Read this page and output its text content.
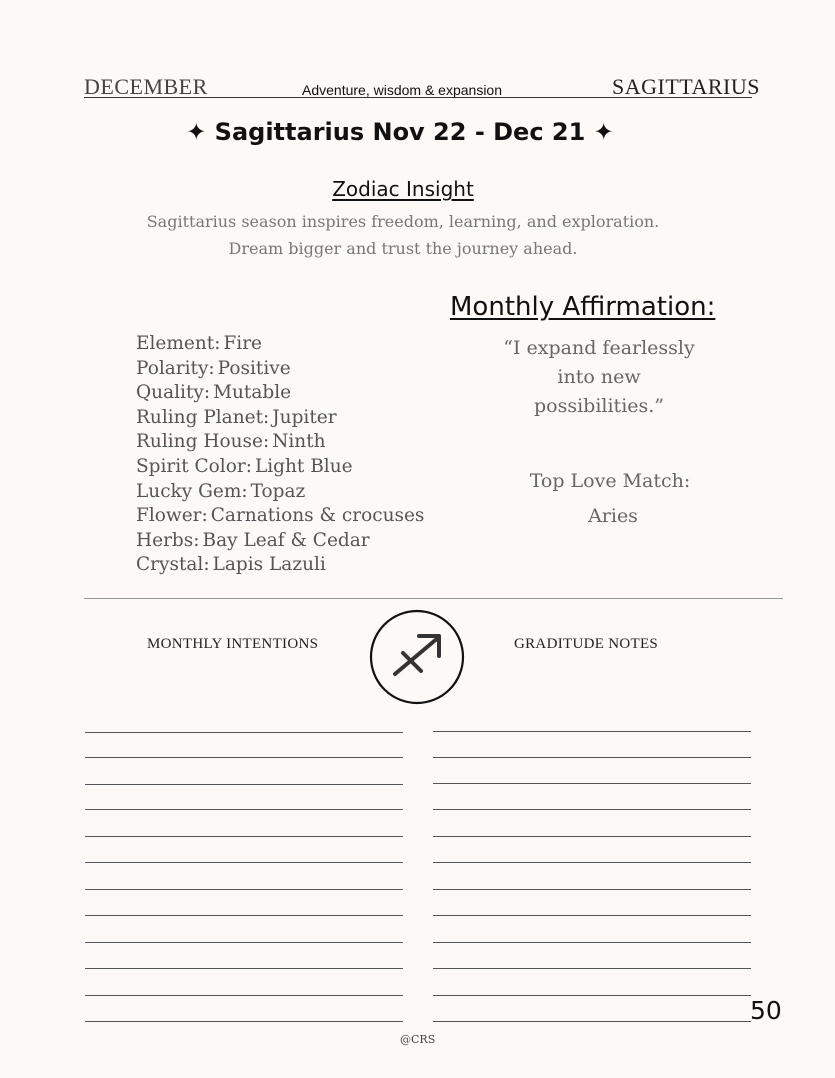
DECEMBER	Adventure, wisdom & expansion	SAGITTARIUS
✦ Sagittarius Nov 22 - Dec 21 ✦
Zodiac Insight
Sagittarius season inspires freedom, learning, and exploration.
Dream bigger and trust the journey ahead.
Element: Fire
Polarity: Positive
Quality: Mutable
Ruling Planet: Jupiter
Ruling House: Ninth
Spirit Color: Light Blue
Lucky Gem: Topaz
Flower: Carnations & crocuses
Herbs: Bay Leaf & Cedar
Crystal: Lapis Lazuli
Monthly Affirmation:
“I expand fearlessly
into new
possibilities.”
Top Love Match:
Aries
MONTHLY INTENTIONS	GRADITUDE NOTES
50
@CRS
